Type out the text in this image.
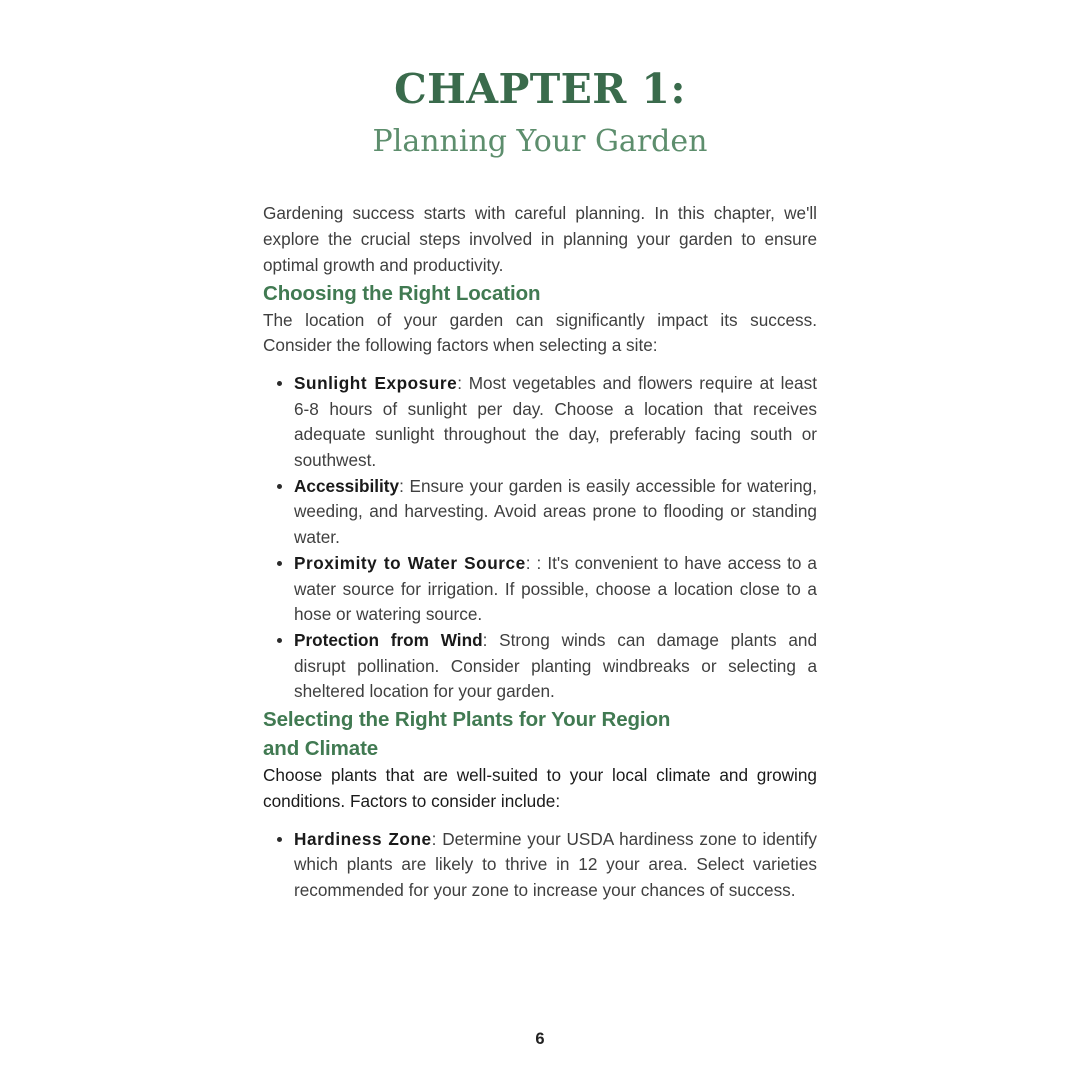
CHAPTER 1:
Planning Your Garden

Gardening success starts with careful planning. In this chapter, we'll explore the crucial steps involved in planning your garden to ensure optimal growth and productivity.

Choosing the Right Location

The location of your garden can significantly impact its success. Consider the following factors when selecting a site:

Sunlight Exposure: Most vegetables and flowers require at least 6-8 hours of sunlight per day. Choose a location that receives adequate sunlight throughout the day, preferably facing south or southwest.
Accessibility: Ensure your garden is easily accessible for watering, weeding, and harvesting. Avoid areas prone to flooding or standing water.
Proximity to Water Source: : It's convenient to have access to a water source for irrigation. If possible, choose a location close to a hose or watering source.
Protection from Wind: Strong winds can damage plants and disrupt pollination. Consider planting windbreaks or selecting a sheltered location for your garden.
Selecting the Right Plants for Your Region
and Climate

Choose plants that are well-suited to your local climate and growing conditions. Factors to consider include:

Hardiness Zone: Determine your USDA hardiness zone to identify which plants are likely to thrive in 12 your area. Select varieties recommended for your zone to increase your chances of success.
6
